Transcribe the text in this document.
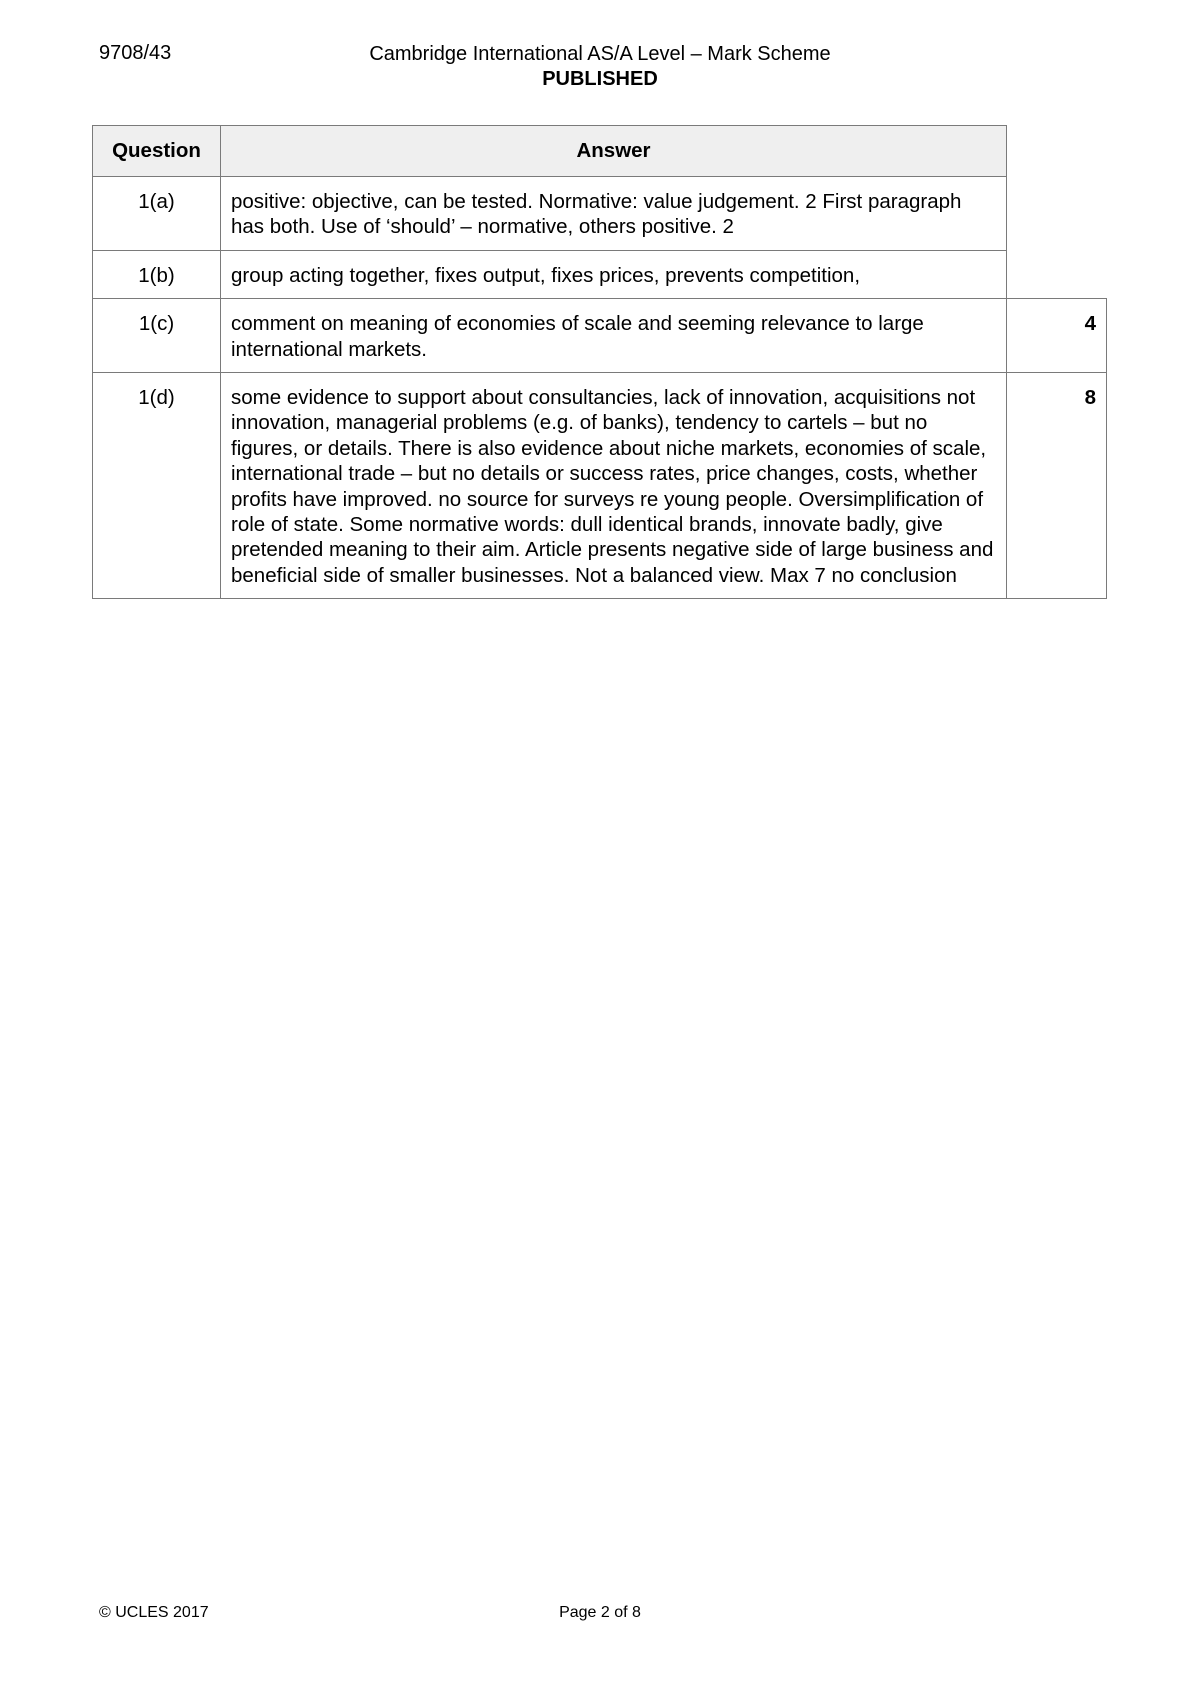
9708/43	Cambridge International AS/A Level – Mark Scheme
PUBLISHED
Question	Answer	
1(a)	positive: objective, can be tested. Normative: value judgement. 2 First paragraph has both. Use of ‘should’ – normative, others positive. 2	
1(b)	group acting together, fixes output, fixes prices, prevents competition,	
1(c)	comment on meaning of economies of scale and seeming relevance to large international markets.	4
1(d)	some evidence to support about consultancies, lack of innovation, acquisitions not innovation, managerial problems (e.g. of banks), tendency to cartels – but no figures, or details. There is also evidence about niche markets, economies of scale, international trade – but no details or success rates, price changes, costs, whether profits have improved. no source for surveys re young people. Oversimplification of role of state. Some normative words: dull identical brands, innovate badly, give pretended meaning to their aim. Article presents negative side of large business and beneficial side of smaller businesses. Not a balanced view. Max 7 no conclusion	8
© UCLES 2017	Page 2 of 8
